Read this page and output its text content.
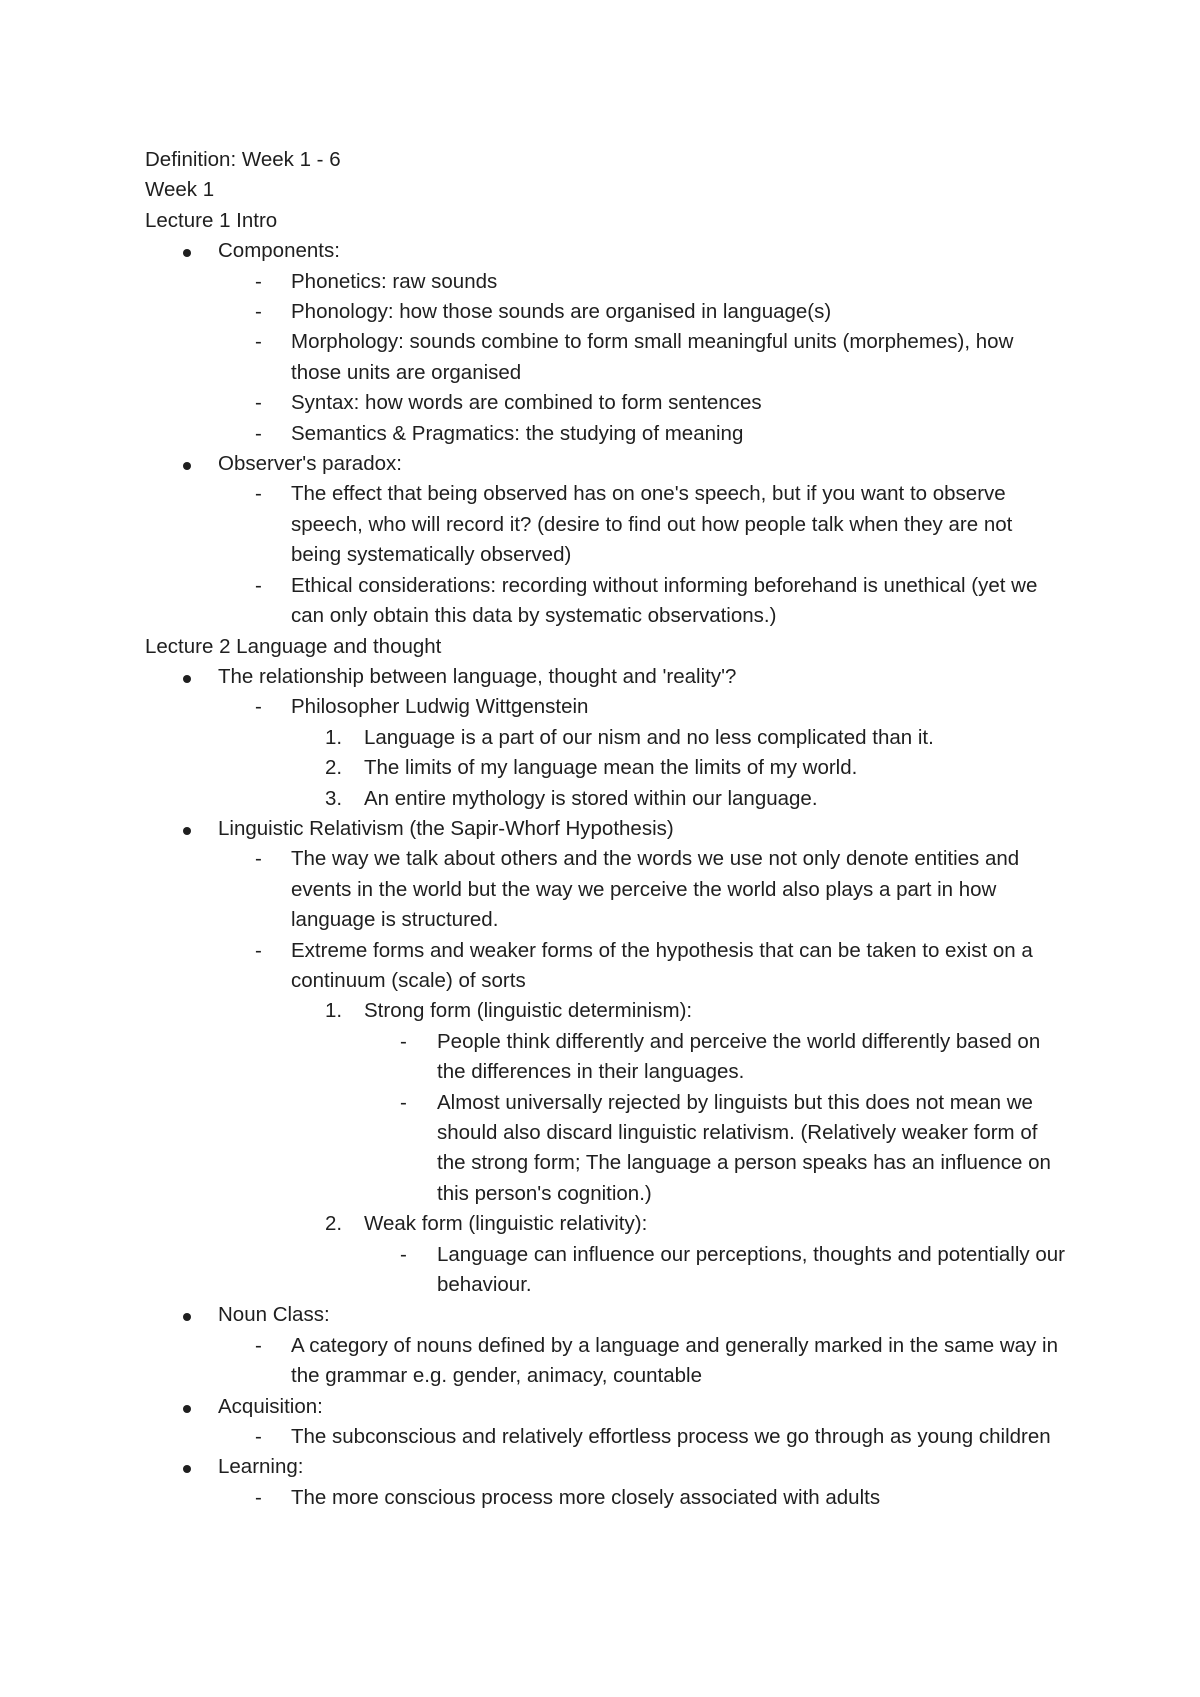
Definition: Week 1 - 6

Week 1

Lecture 1 Intro

Components:
- Phonetics: raw sounds
- Phonology: how those sounds are organised in language(s)
- Morphology: sounds combine to form small meaningful units (morphemes), how those units are organised
- Syntax: how words are combined to form sentences
- Semantics & Pragmatics: the studying of meaning
Observer's paradox:
- The effect that being observed has on one's speech, but if you want to observe speech, who will record it? (desire to find out how people talk when they are not being systematically observed)
- Ethical considerations: recording without informing beforehand is unethical (yet we can only obtain this data by systematic observations.)

Lecture 2 Language and thought

The relationship between language, thought and 'reality'?
- Philosopher Ludwig Wittgenstein
1. Language is a part of our nism and no less complicated than it.
2. The limits of my language mean the limits of my world.
3. An entire mythology is stored within our language.
Linguistic Relativism (the Sapir-Whorf Hypothesis)
- The way we talk about others and the words we use not only denote entities and events in the world but the way we perceive the world also plays a part in how language is structured.
- Extreme forms and weaker forms of the hypothesis that can be taken to exist on a continuum (scale) of sorts
1. Strong form (linguistic determinism):
- People think differently and perceive the world differently based on the differences in their languages.
- Almost universally rejected by linguists but this does not mean we should also discard linguistic relativism. (Relatively weaker form of the strong form; The language a person speaks has an influence on this person's cognition.)
2. Weak form (linguistic relativity):
- Language can influence our perceptions, thoughts and potentially our behaviour.
Noun Class:
- A category of nouns defined by a language and generally marked in the same way in the grammar e.g. gender, animacy, countable
Acquisition:
- The subconscious and relatively effortless process we go through as young children
Learning:
- The more conscious process more closely associated with adults
